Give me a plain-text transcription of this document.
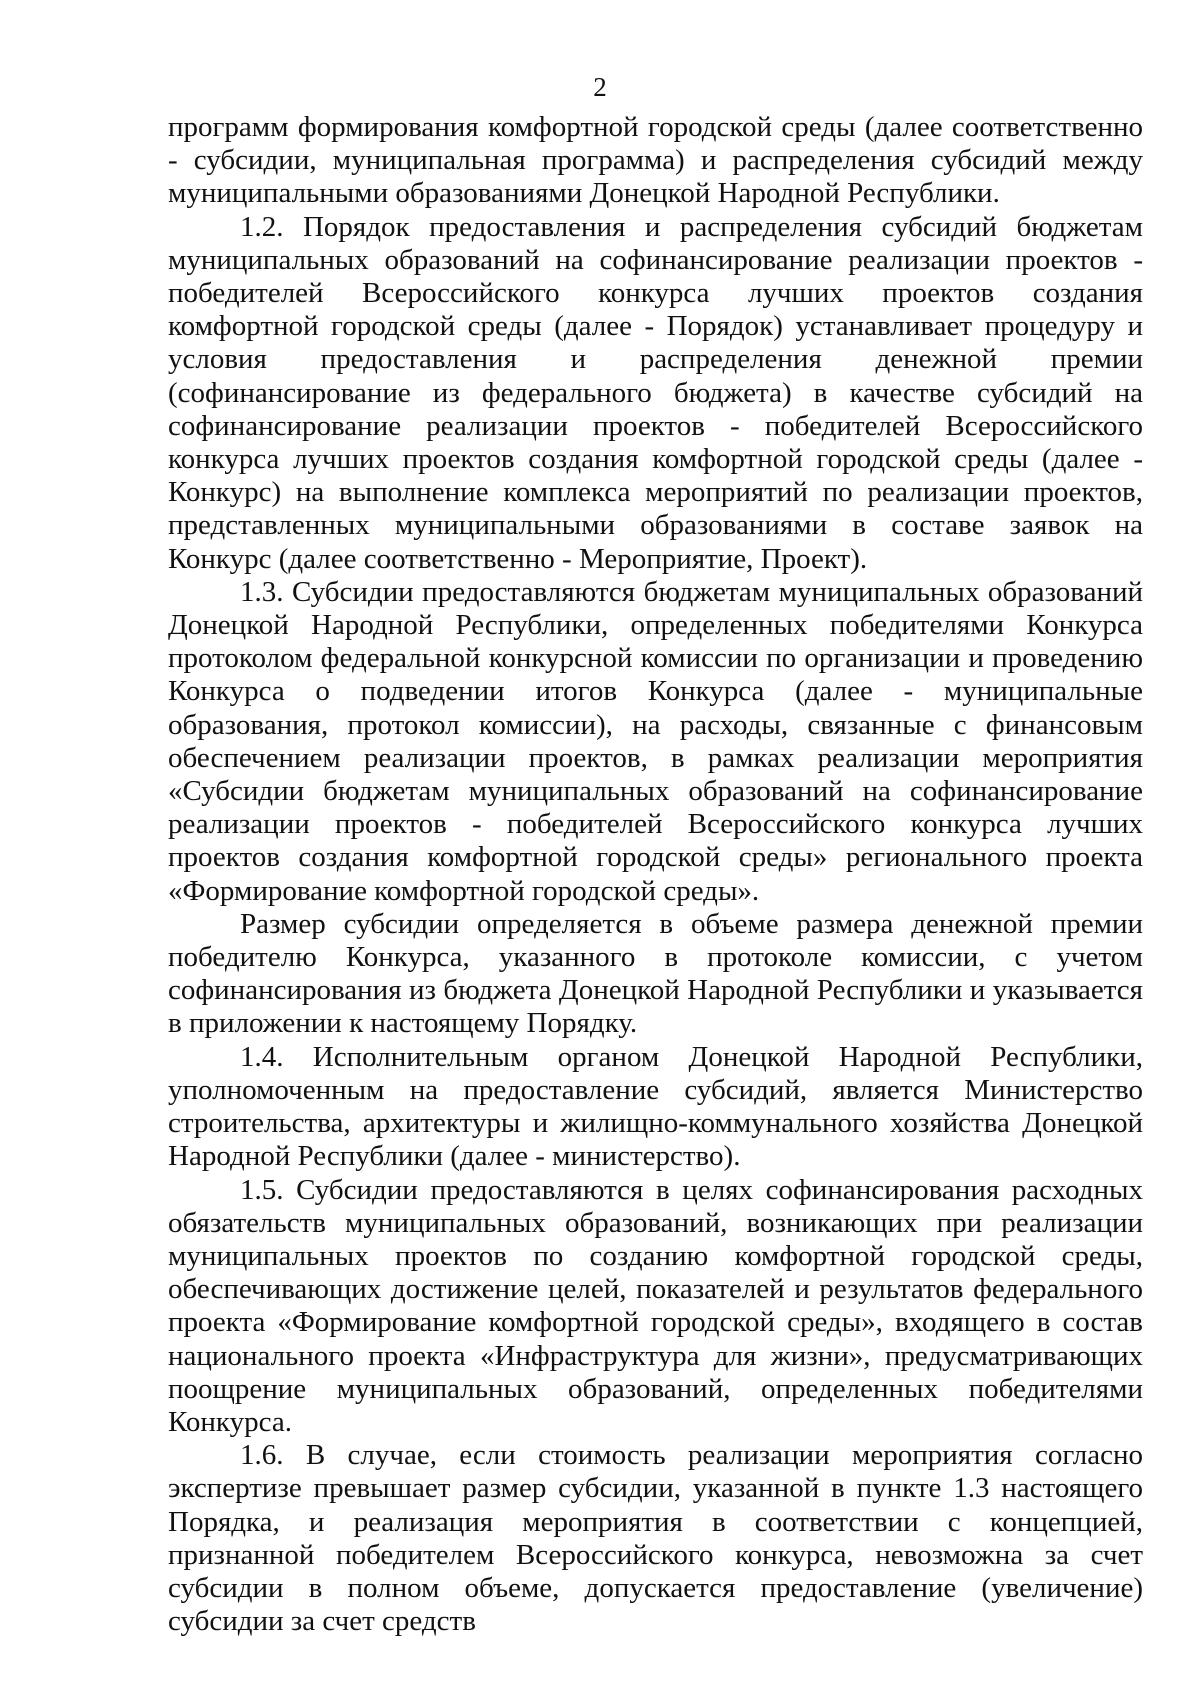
2

программ формирования комфортной городской среды (далее соответственно - субсидии, муниципальная программа) и распределения субсидий между муниципальными образованиями Донецкой Народной Республики.

1.2. Порядок предоставления и распределения субсидий бюджетам муниципальных образований на софинансирование реализации проектов - победителей Всероссийского конкурса лучших проектов создания комфортной городской среды (далее - Порядок) устанавливает процедуру и условия предоставления и распределения денежной премии (софинансирование из федерального бюджета) в качестве субсидий на софинансирование реализации проектов - победителей Всероссийского конкурса лучших проектов создания комфортной городской среды (далее - Конкурс) на выполнение комплекса мероприятий по реализации проектов, представленных муниципальными образованиями в составе заявок на Конкурс (далее соответственно - Мероприятие, Проект).

1.3. Субсидии предоставляются бюджетам муниципальных образований Донецкой Народной Республики, определенных победителями Конкурса протоколом федеральной конкурсной комиссии по организации и проведению Конкурса о подведении итогов Конкурса (далее - муниципальные образования, протокол комиссии), на расходы, связанные с финансовым обеспечением реализации проектов, в рамках реализации мероприятия «Субсидии бюджетам муниципальных образований на софинансирование реализации проектов - победителей Всероссийского конкурса лучших проектов создания комфортной городской среды» регионального проекта «Формирование комфортной городской среды».

Размер субсидии определяется в объеме размера денежной премии победителю Конкурса, указанного в протоколе комиссии, с учетом софинансирования из бюджета Донецкой Народной Республики и указывается в приложении к настоящему Порядку.

1.4. Исполнительным органом Донецкой Народной Республики, уполномоченным на предоставление субсидий, является Министерство строительства, архитектуры и жилищно-коммунального хозяйства Донецкой Народной Республики (далее - министерство).

1.5. Субсидии предоставляются в целях софинансирования расходных обязательств муниципальных образований, возникающих при реализации муниципальных проектов по созданию комфортной городской среды, обеспечивающих достижение целей, показателей и результатов федерального проекта «Формирование комфортной городской среды», входящего в состав национального проекта «Инфраструктура для жизни», предусматривающих поощрение муниципальных образований, определенных победителями Конкурса.

1.6. В случае, если стоимость реализации мероприятия согласно экспертизе превышает размер субсидии, указанной в пункте 1.3 настоящего Порядка, и реализация мероприятия в соответствии с концепцией, признанной победителем Всероссийского конкурса, невозможна за счет субсидии в полном объеме, допускается предоставление (увеличение) субсидии за счет средств
